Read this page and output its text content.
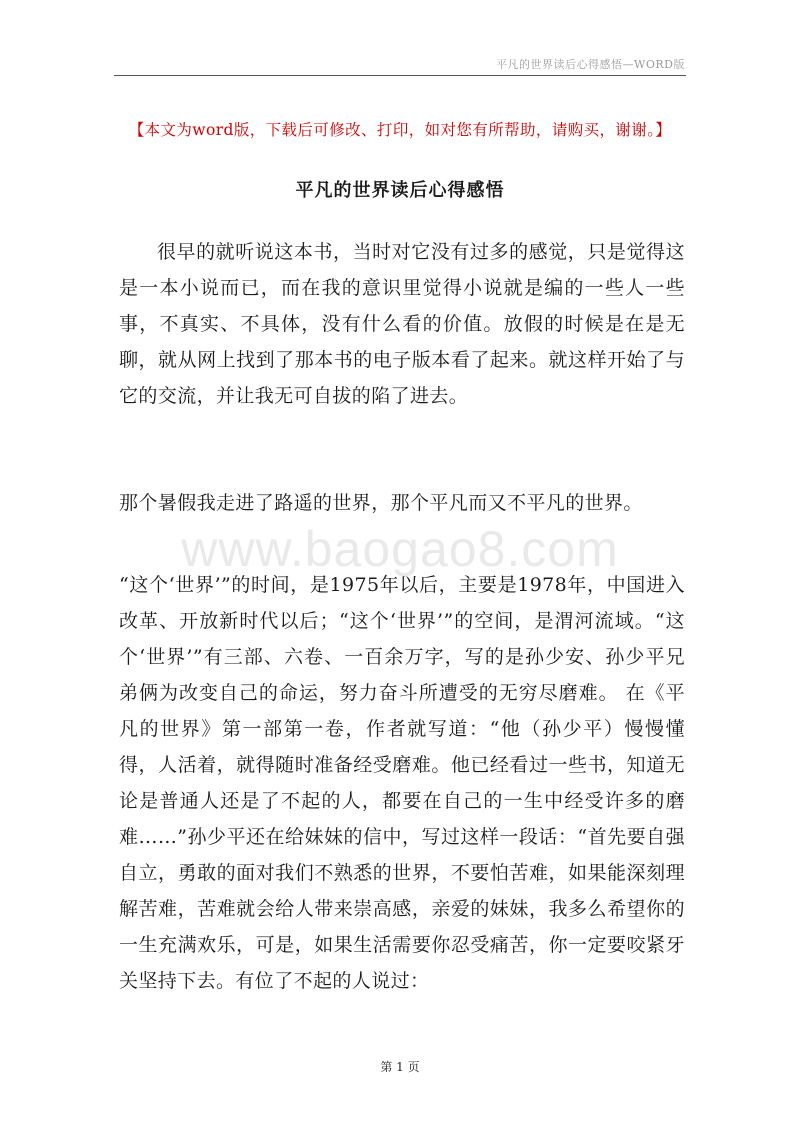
平凡的世界读后心得感悟—WORD版
【本文为word版，下载后可修改、打印，如对您有所帮助，请购买，谢谢。】
平凡的世界读后心得感悟

很早的就听说这本书，当时对它没有过多的感觉，只是觉得这是一本小说而已，而在我的意识里觉得小说就是编的一些人一些事，不真实、不具体，没有什么看的价值。放假的时候是在是无聊，就从网上找到了那本书的电子版本看了起来。就这样开始了与它的交流，并让我无可自拔的陷了进去。

那个暑假我走进了路遥的世界，那个平凡而又不平凡的世界。

www.baogao8.com

“这个‘世界’”的时间，是1975年以后，主要是1978年，中国进入改革、开放新时代以后；“这个‘世界’”的空间，是渭河流域。“这个‘世界’”有三部、六卷、一百余万字，写的是孙少安、孙少平兄弟俩为改变自己的命运，努力奋斗所遭受的无穷尽磨难。 在《平凡的世界》第一部第一卷，作者就写道：“他（孙少平）慢慢懂得，人活着，就得随时准备经受磨难。他已经看过一些书，知道无论是普通人还是了不起的人，都要在自己的一生中经受许多的磨难……”孙少平还在给妹妹的信中，写过这样一段话：“首先要自强自立，勇敢的面对我们不熟悉的世界，不要怕苦难，如果能深刻理解苦难，苦难就会给人带来崇高感，亲爱的妹妹，我多么希望你的一生充满欢乐，可是，如果生活需要你忍受痛苦，你一定要咬紧牙关坚持下去。有位了不起的人说过：

第 1 页
